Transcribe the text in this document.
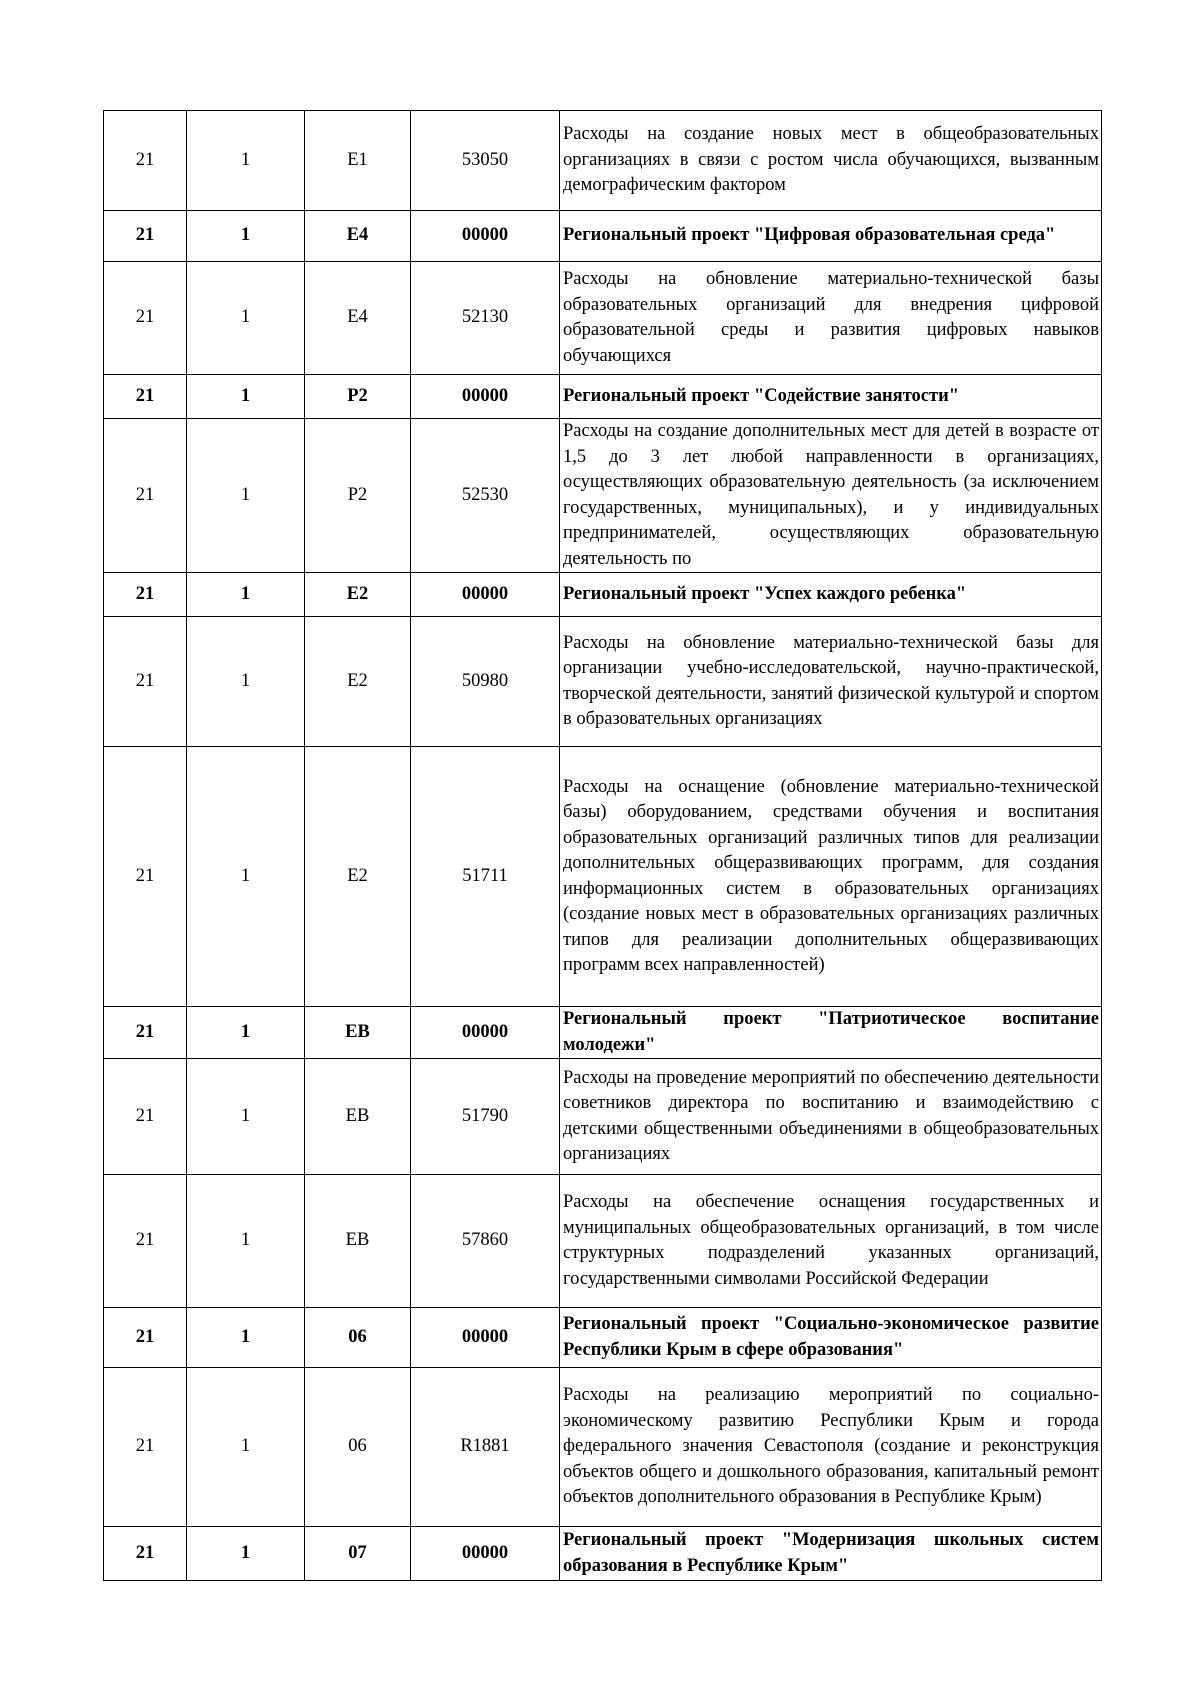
21	1	E1	53050	Расходы на создание новых мест в общеобразовательных организациях в связи с ростом числа обучающихся, вызванным демографическим фактором
21	1	E4	00000	Региональный проект "Цифровая образовательная среда"
21	1	E4	52130	Расходы на обновление материально-технической базы образовательных организаций для внедрения цифровой образовательной среды и развития цифровых навыков обучающихся
21	1	P2	00000	Региональный проект "Содействие занятости"
21	1	P2	52530	Расходы на создание дополнительных мест для детей в возрасте от 1,5 до 3 лет любой направленности в организациях, осуществляющих образовательную деятельность (за исключением государственных, муниципальных), и у индивидуальных предпринимателей, осуществляющих образовательную деятельность по
21	1	E2	00000	Региональный проект "Успех каждого ребенка"
21	1	E2	50980	Расходы на обновление материально-технической базы для организации учебно-исследовательской, научно-практической, творческой деятельности, занятий физической культурой и спортом в образовательных организациях
21	1	E2	51711	Расходы на оснащение (обновление материально-технической базы) оборудованием, средствами обучения и воспитания образовательных организаций различных типов для реализации дополнительных общеразвивающих программ, для создания информационных систем в образовательных организациях (создание новых мест в образовательных организациях различных типов для реализации дополнительных общеразвивающих программ всех направленностей)
21	1	EB	00000	Региональный проект "Патриотическое воспитание молодежи"
21	1	EB	51790	Расходы на проведение мероприятий по обеспечению деятельности советников директора по воспитанию и взаимодействию с детскими общественными объединениями в общеобразовательных организациях
21	1	EB	57860	Расходы на обеспечение оснащения государственных и муниципальных общеобразовательных организаций, в том числе структурных подразделений указанных организаций, государственными символами Российской Федерации
21	1	06	00000	Региональный проект "Социально-экономическое развитие Республики Крым в сфере образования"
21	1	06	R1881	Расходы на реализацию мероприятий по социально-экономическому развитию Республики Крым и города федерального значения Севастополя (создание и реконструкция объектов общего и дошкольного образования, капитальный ремонт объектов дополнительного образования в Республике Крым)
21	1	07	00000	Региональный проект "Модернизация школьных систем образования в Республике Крым"
